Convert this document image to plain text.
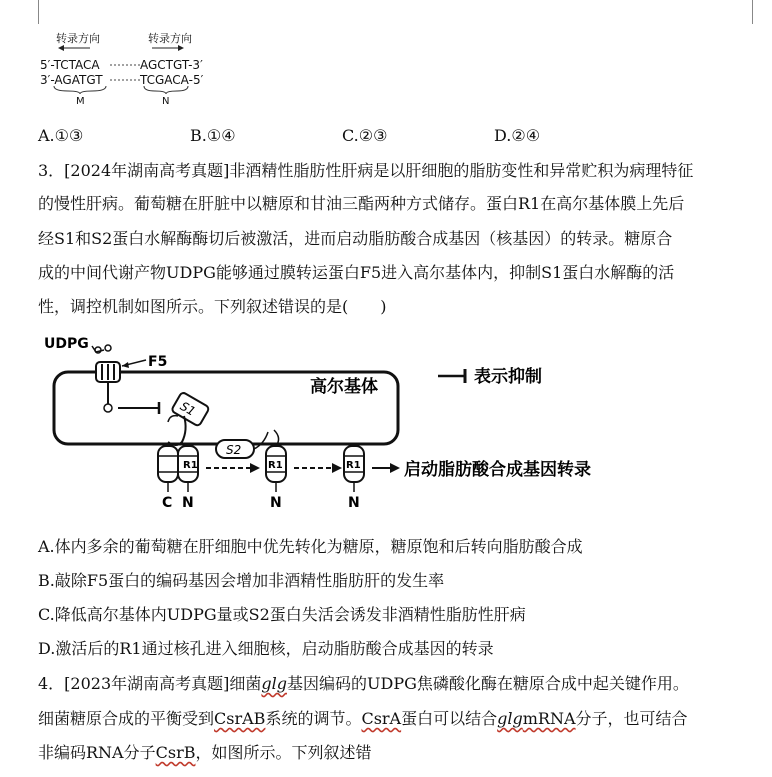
转录方向	转录方向
5′-TCTACA	AGCTGT-3′
3′-AGATGT	TCGACA-5′
M	N
A.①③	B.①④	C.②③	D.②④
3．[2024年湖南高考真题]非酒精性脂肪性肝病是以肝细胞的脂肪变性和异常贮积为病理特征
的慢性肝病。葡萄糖在肝脏中以糖原和甘油三酯两种方式储存。蛋白R1在高尔基体膜上先后
经S1和S2蛋白水解酶酶切后被激活，进而启动脂肪酸合成基因（核基因）的转录。糖原合
成的中间代谢产物UDPG能够通过膜转运蛋白F5进入高尔基体内，抑制S1蛋白水解酶的活
性，调控机制如图所示。下列叙述错误的是(　　)
UDPG
F5
高尔基体
S1
R1
C N
S2
R1
N
R1
N
启动脂肪酸合成基因转录
表示抑制
A.体内多余的葡萄糖在肝细胞中优先转化为糖原，糖原饱和后转向脂肪酸合成
B.敲除F5蛋白的编码基因会增加非酒精性脂肪肝的发生率
C.降低高尔基体内UDPG量或S2蛋白失活会诱发非酒精性脂肪性肝病
D.激活后的R1通过核孔进入细胞核，启动脂肪酸合成基因的转录
4．[2023年湖南高考真题]细菌glg基因编码的UDPG焦磷酸化酶在糖原合成中起关键作用。
细菌糖原合成的平衡受到CsrAB系统的调节。CsrA蛋白可以结合glgmRNA分子，也可结合
非编码RNA分子CsrB，如图所示。下列叙述错
